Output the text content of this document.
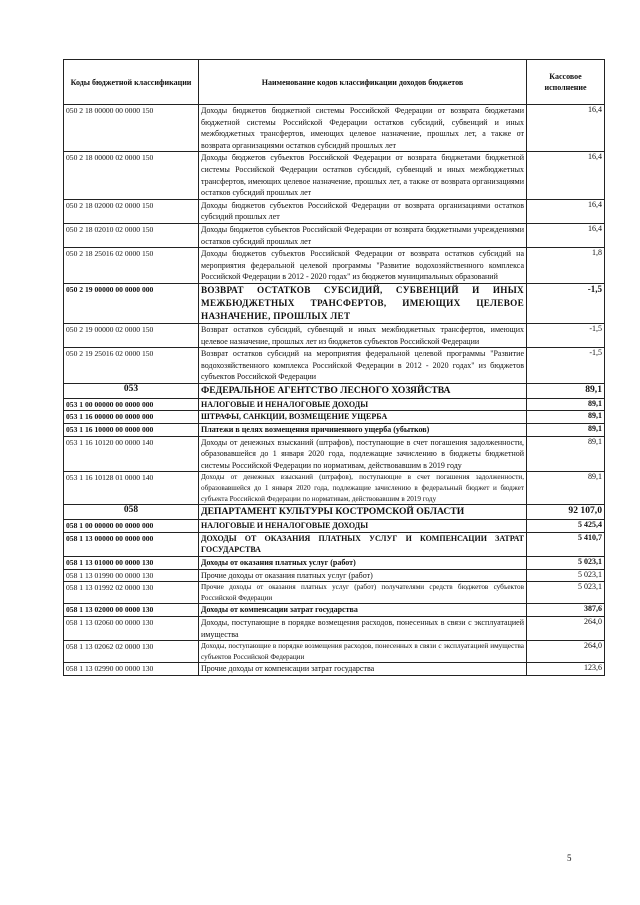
Коды бюджетной классификации	Наименование кодов классификации доходов бюджетов	Кассовое исполнение
050 2 18 00000 00 0000 150	Доходы бюджетов бюджетной системы Российской Федерации от возврата бюджетами бюджетной системы Российской Федерации остатков субсидий, субвенций и иных межбюджетных трансфертов, имеющих целевое назначение, прошлых лет, а также от возврата организациями остатков субсидий прошлых лет	16,4
050 2 18 00000 02 0000 150	Доходы бюджетов субъектов Российской Федерации от возврата бюджетами бюджетной системы Российской Федерации остатков субсидий, субвенций и иных межбюджетных трансфертов, имеющих целевое назначение, прошлых лет, а также от возврата организациями остатков субсидий прошлых лет	16,4
050 2 18 02000 02 0000 150	Доходы бюджетов субъектов Российской Федерации от возврата организациями остатков субсидий прошлых лет	16,4
050 2 18 02010 02 0000 150	Доходы бюджетов субъектов Российской Федерации от возврата бюджетными учреждениями остатков субсидий прошлых лет	16,4
050 2 18 25016 02 0000 150	Доходы бюджетов субъектов Российской Федерации от возврата остатков субсидий на мероприятия федеральной целевой программы "Развитие водохозяйственного комплекса Российской Федерации в 2012 - 2020 годах" из бюджетов муниципальных образований	1,8
050 2 19 00000 00 0000 000	ВОЗВРАТ ОСТАТКОВ СУБСИДИЙ, СУБВЕНЦИЙ И ИНЫХ МЕЖБЮДЖЕТНЫХ ТРАНСФЕРТОВ, ИМЕЮЩИХ ЦЕЛЕВОЕ НАЗНАЧЕНИЕ, ПРОШЛЫХ ЛЕТ	-1,5
050 2 19 00000 02 0000 150	Возврат остатков субсидий, субвенций и иных межбюджетных трансфертов, имеющих целевое назначение, прошлых лет из бюджетов субъектов Российской Федерации	-1,5
050 2 19 25016 02 0000 150	Возврат остатков субсидий на мероприятия федеральной целевой программы "Развитие водохозяйственного комплекса Российской Федерации в 2012 - 2020 годах" из бюджетов субъектов Российской Федерации	-1,5
053	ФЕДЕРАЛЬНОЕ АГЕНТСТВО ЛЕСНОГО ХОЗЯЙСТВА	89,1
053 1 00 00000 00 0000 000	НАЛОГОВЫЕ И НЕНАЛОГОВЫЕ ДОХОДЫ	89,1
053 1 16 00000 00 0000 000	ШТРАФЫ, САНКЦИИ, ВОЗМЕЩЕНИЕ УЩЕРБА	89,1
053 1 16 10000 00 0000 000	Платежи в целях возмещения причиненного ущерба (убытков)	89,1
053 1 16 10120 00 0000 140	Доходы от денежных взысканий (штрафов), поступающие в счет погашения задолженности, образовавшейся до 1 января 2020 года, подлежащие зачислению в бюджеты бюджетной системы Российской Федерации по нормативам, действовавшим в 2019 году	89,1
053 1 16 10128 01 0000 140	Доходы от денежных взысканий (штрафов), поступающие в счет погашения задолженности, образовавшейся до 1 января 2020 года, подлежащие зачислению в федеральный бюджет и бюджет субъекта Российской Федерации по нормативам, действовавшим в 2019 году	89,1
058	ДЕПАРТАМЕНТ КУЛЬТУРЫ КОСТРОМСКОЙ ОБЛАСТИ	92 107,0
058 1 00 00000 00 0000 000	НАЛОГОВЫЕ И НЕНАЛОГОВЫЕ ДОХОДЫ	5 425,4
058 1 13 00000 00 0000 000	ДОХОДЫ ОТ ОКАЗАНИЯ ПЛАТНЫХ УСЛУГ И КОМПЕНСАЦИИ ЗАТРАТ ГОСУДАРСТВА	5 410,7
058 1 13 01000 00 0000 130	Доходы от оказания платных услуг (работ)	5 023,1
058 1 13 01990 00 0000 130	Прочие доходы от оказания платных услуг (работ)	5 023,1
058 1 13 01992 02 0000 130	Прочие доходы от оказания платных услуг (работ) получателями средств бюджетов субъектов Российской Федерации	5 023,1
058 1 13 02000 00 0000 130	Доходы от компенсации затрат государства	387,6
058 1 13 02060 00 0000 130	Доходы, поступающие в порядке возмещения расходов, понесенных в связи с эксплуатацией имущества	264,0
058 1 13 02062 02 0000 130	Доходы, поступающие в порядке возмещения расходов, понесенных в связи с эксплуатацией имущества субъектов Российской Федерации	264,0
058 1 13 02990 00 0000 130	Прочие доходы от компенсации затрат государства	123,6
5
